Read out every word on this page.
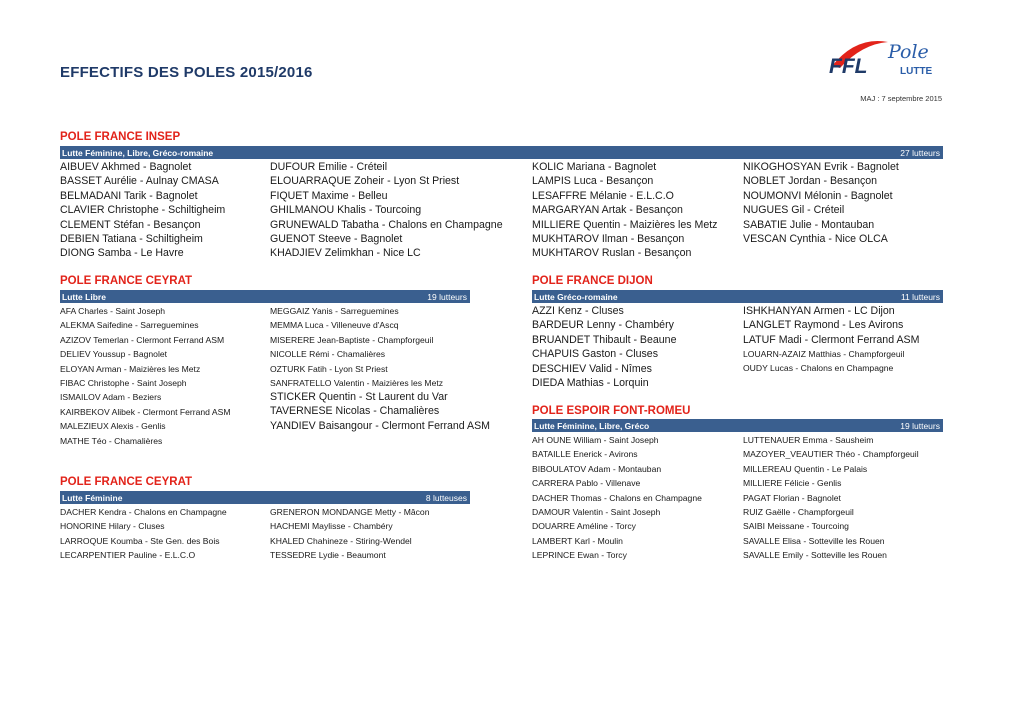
EFFECTIFS DES POLES 2015/2016
MAJ : 7 septembre 2015
FFL
Pole
LUTTE
POLE FRANCE INSEP
Lutte Féminine, Libre, Gréco-romaine	27 lutteurs
AIBUEV Akhmed - Bagnolet
BASSET Aurélie - Aulnay CMASA
BELMADANI Tarik - Bagnolet
CLAVIER Christophe - Schiltigheim
CLEMENT Stéfan - Besançon
DEBIEN Tatiana - Schiltigheim
DIONG Samba - Le Havre
DUFOUR Emilie - Créteil
ELOUARRAQUE Zoheir - Lyon St Priest
FIQUET Maxime - Belleu
GHILMANOU Khalis - Tourcoing
GRUNEWALD Tabatha - Chalons en Champagne
GUENOT Steeve - Bagnolet
KHADJIEV Zelimkhan - Nice LC
KOLIC Mariana - Bagnolet
LAMPIS Luca - Besançon
LESAFFRE Mélanie - E.L.C.O
MARGARYAN Artak - Besançon
MILLIERE Quentin - Maizières les Metz
MUKHTAROV Ilman - Besançon
MUKHTAROV Ruslan - Besançon
NIKOGHOSYAN Evrik - Bagnolet
NOBLET Jordan - Besançon
NOUMONVI Mélonin - Bagnolet
NUGUES Gil - Créteil
SABATIE Julie - Montauban
VESCAN Cynthia - Nice OLCA
POLE FRANCE CEYRAT
Lutte Libre	19 lutteurs
AFA Charles - Saint Joseph
ALEKMA Saifedine - Sarreguemines
AZIZOV Temerlan - Clermont Ferrand ASM
DELIEV Youssup - Bagnolet
ELOYAN Arman - Maizières les Metz
FIBAC Christophe - Saint Joseph
ISMAILOV Adam - Beziers
KAIRBEKOV Alibek - Clermont Ferrand ASM
MALEZIEUX Alexis - Genlis
MATHE Téo - Chamalières
MEGGAIZ Yanis - Sarreguemines
MEMMA Luca - Villeneuve d'Ascq
MISERERE Jean-Baptiste - Champforgeuil
NICOLLE Rémi - Chamalières
OZTURK Fatih - Lyon St Priest
SANFRATELLO Valentin - Maizières les Metz
STICKER Quentin - St Laurent du Var
TAVERNESE Nicolas - Chamalières
YANDIEV Baisangour - Clermont Ferrand ASM
POLE FRANCE DIJON
Lutte Gréco-romaine	11 lutteurs
AZZI Kenz - Cluses
BARDEUR Lenny - Chambéry
BRUANDET Thibault - Beaune
CHAPUIS Gaston - Cluses
DESCHIEV Valid - Nîmes
DIEDA Mathias - Lorquin
ISHKHANYAN Armen - LC Dijon
LANGLET Raymond - Les Avirons
LATUF Madi - Clermont Ferrand ASM
LOUARN-AZAIZ Matthias - Champforgeuil
OUDY Lucas - Chalons en Champagne
POLE ESPOIR FONT-ROMEU
Lutte Féminine, Libre, Gréco	19 lutteurs
AH OUNE William - Saint Joseph
BATAILLE Enerick - Avirons
BIBOULATOV Adam - Montauban
CARRERA Pablo - Villenave
DACHER Thomas - Chalons en Champagne
DAMOUR Valentin - Saint Joseph
DOUARRE Améline - Torcy
LAMBERT Karl - Moulin
LEPRINCE Ewan - Torcy
LUTTENAUER Emma - Sausheim
MAZOYER_VEAUTIER Théo - Champforgeuil
MILLEREAU Quentin - Le Palais
MILLIERE Félicie - Genlis
PAGAT Florian - Bagnolet
RUIZ Gaëlle - Champforgeuil
SAIBI Meissane - Tourcoing
SAVALLE Elisa - Sotteville les Rouen
SAVALLE Emily - Sotteville les Rouen
POLE FRANCE CEYRAT
Lutte Féminine	8 lutteuses
DACHER Kendra - Chalons en Champagne
HONORINE Hilary - Cluses
LARROQUE Koumba - Ste Gen. des Bois
LECARPENTIER Pauline - E.L.C.O
GRENERON MONDANGE Metty - Mâcon
HACHEMI Maylisse - Chambéry
KHALED Chahineze - Stiring-Wendel
TESSEDRE Lydie - Beaumont
